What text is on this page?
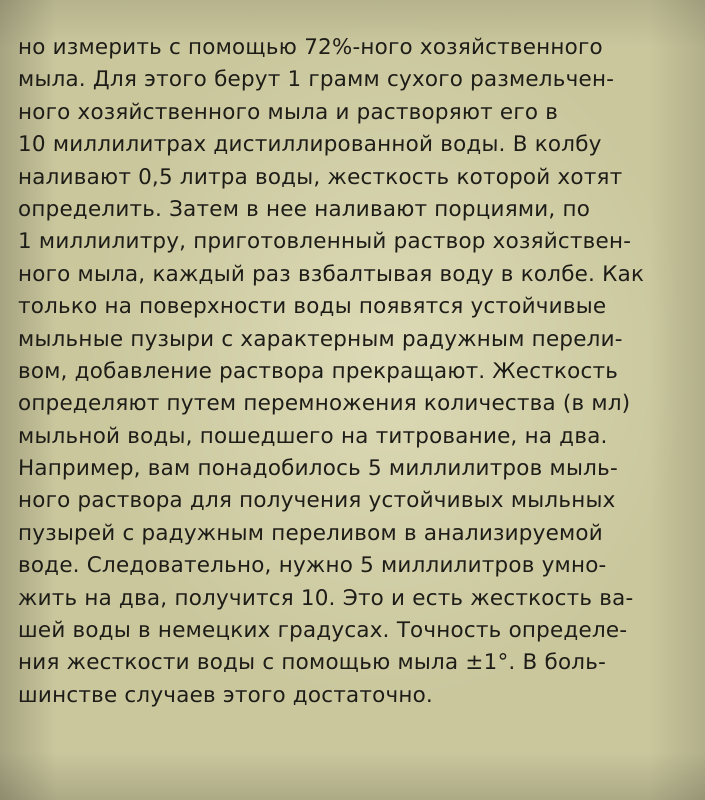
но измерить с помощью 72%-ного хозяйственного
мыла. Для этого берут 1 грамм сухого размельчен-
ного хозяйственного мыла и растворяют его в
10 миллилитрах дистиллированной воды. В колбу
наливают 0,5 литра воды, жесткость которой хотят
определить. Затем в нее наливают порциями, по
1 миллилитру, приготовленный раствор хозяйствен-
ного мыла, каждый раз взбалтывая воду в колбе. Как
только на поверхности воды появятся устойчивые
мыльные пузыри с характерным радужным перели-
вом, добавление раствора прекращают. Жесткость
определяют путем перемножения количества (в мл)
мыльной воды, пошедшего на титрование, на два.
Например, вам понадобилось 5 миллилитров мыль-
ного раствора для получения устойчивых мыльных
пузырей с радужным переливом в анализируемой
воде. Следовательно, нужно 5 миллилитров умно-
жить на два, получится 10. Это и есть жесткость ва-
шей воды в немецких градусах. Точность определе-
ния жесткости воды с помощью мыла ±1°. В боль-
шинстве случаев этого достаточно.
